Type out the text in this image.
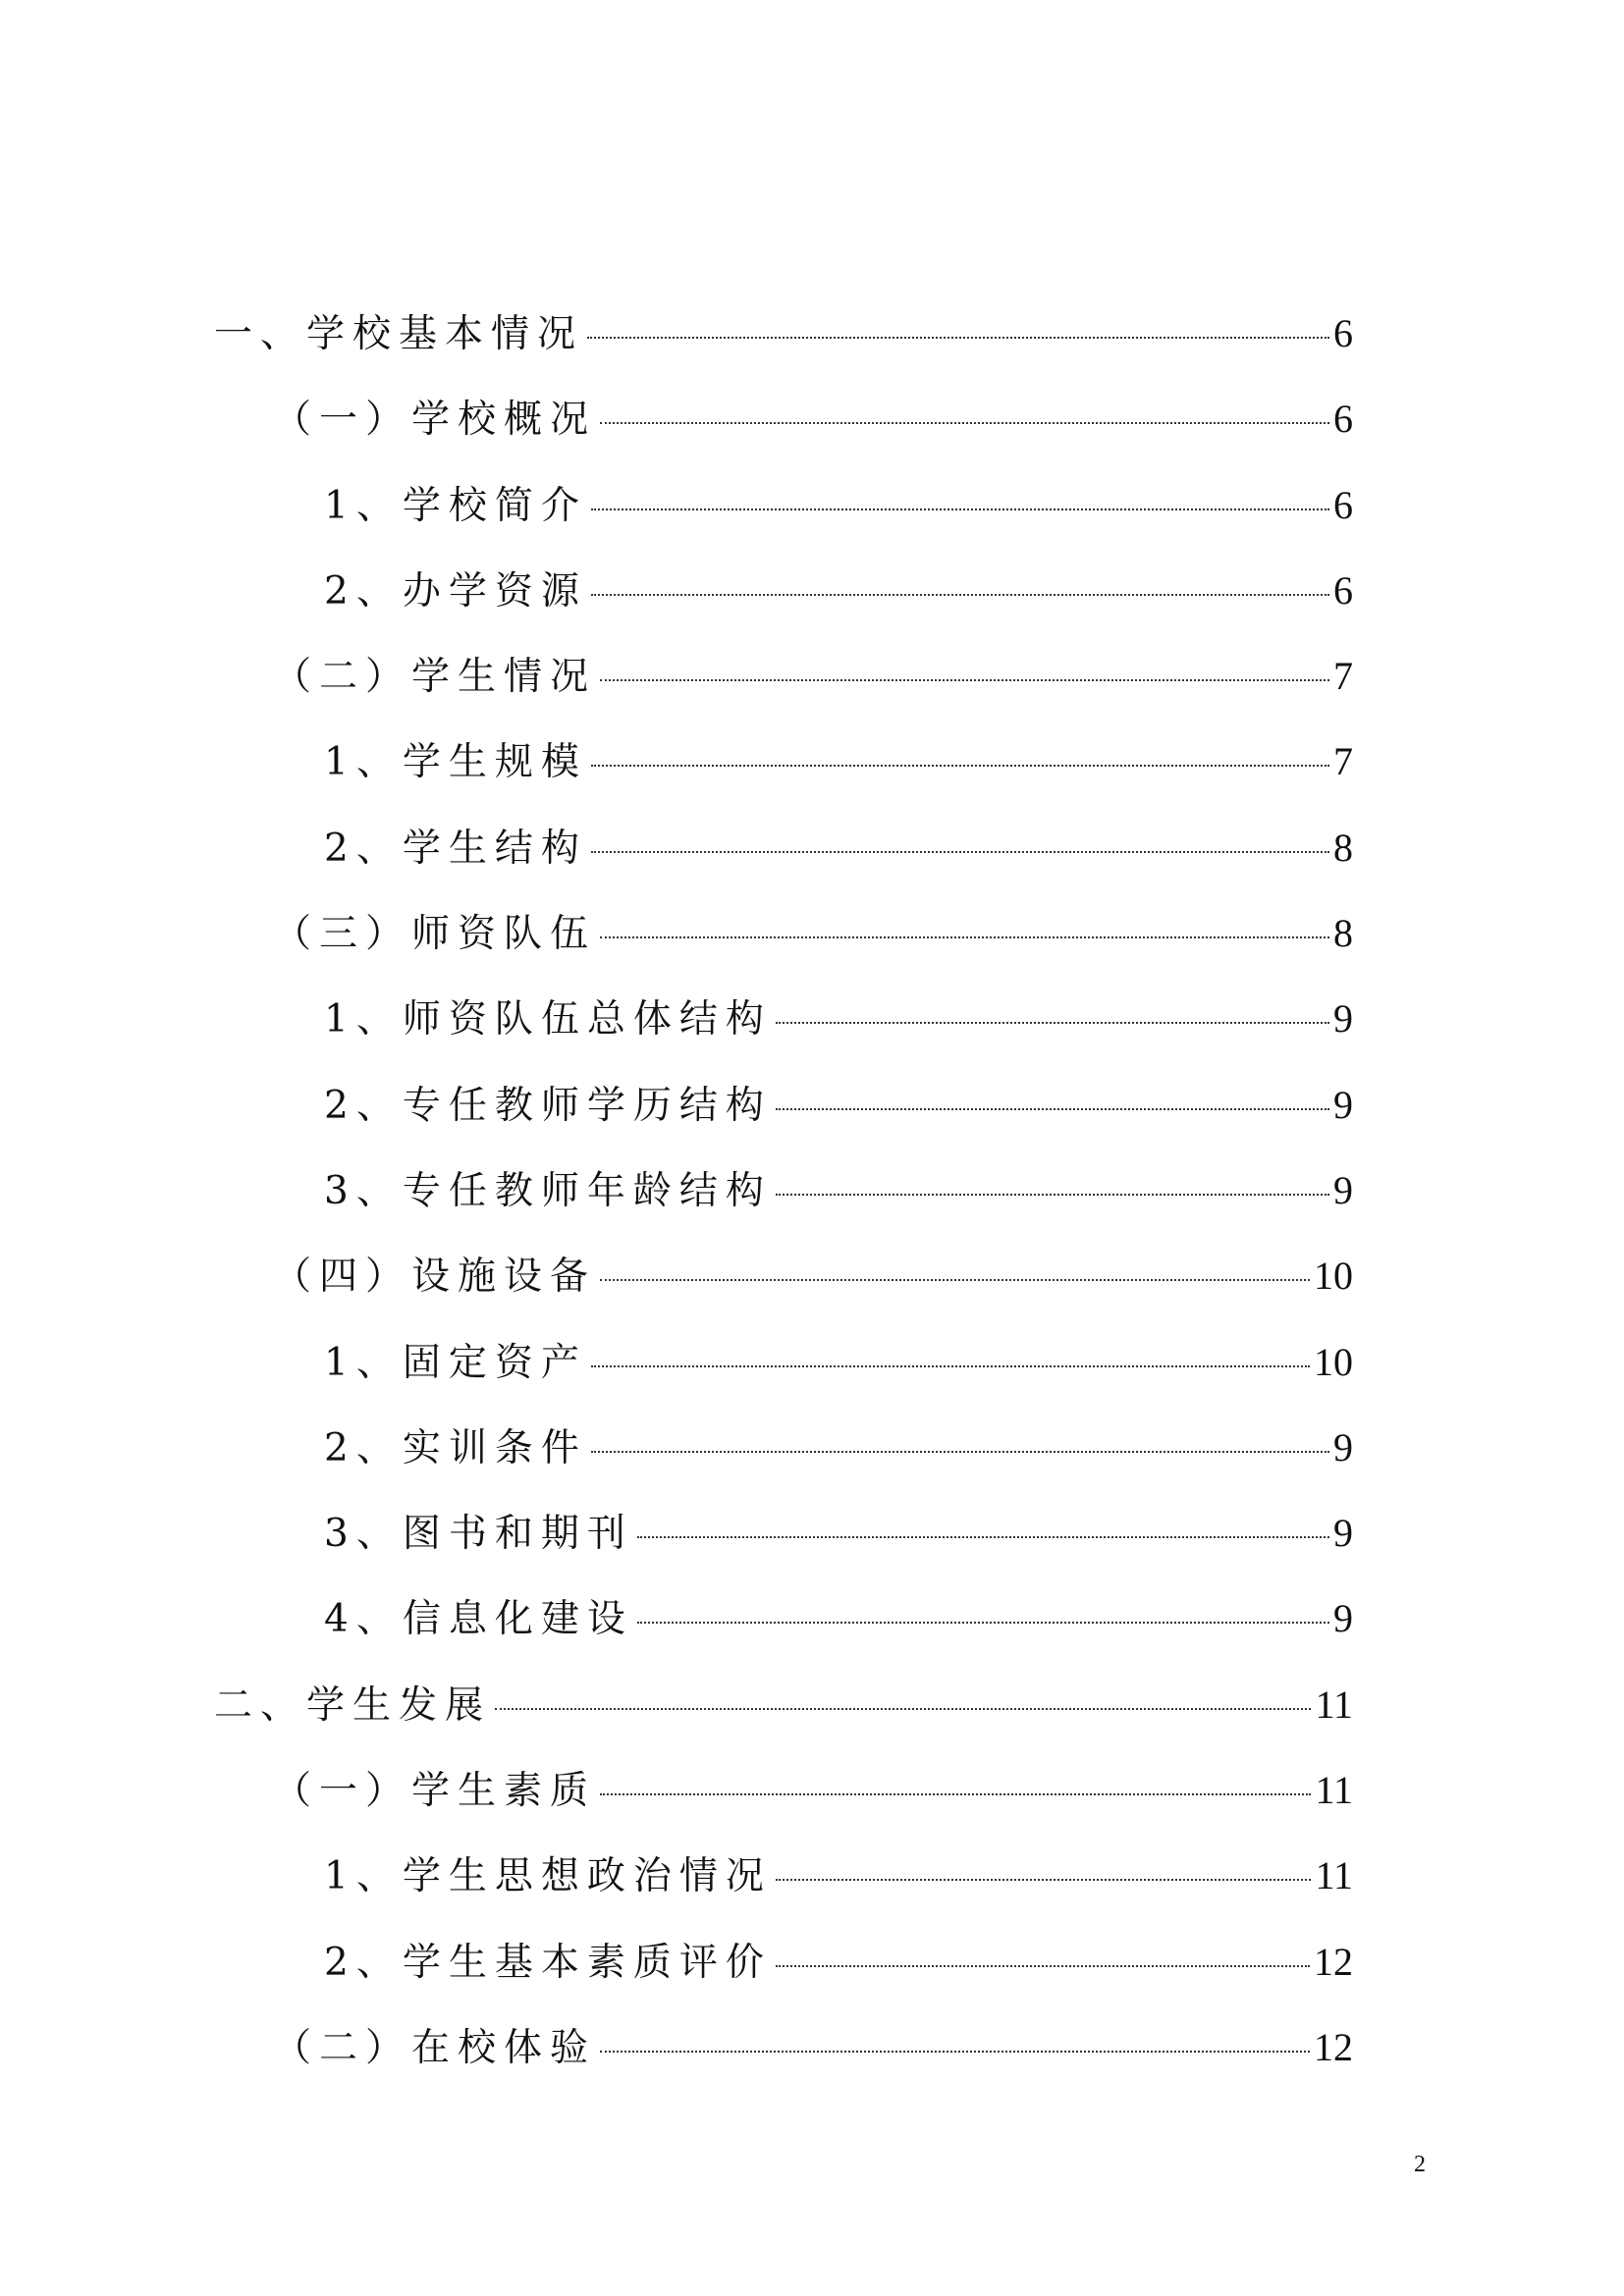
一、学校基本情况	6
（一）学校概况	6
1、学校简介	6
2、办学资源	6
（二）学生情况	7
1、学生规模	7
2、学生结构	8
（三）师资队伍	8
1、师资队伍总体结构	9
2、专任教师学历结构	9
3、专任教师年龄结构	9
（四）设施设备	10
1、固定资产	10
2、实训条件	9
3、图书和期刊	9
4、信息化建设	9
二、学生发展	11
（一）学生素质	11
1、学生思想政治情况	11
2、学生基本素质评价	12
（二）在校体验	12
2
